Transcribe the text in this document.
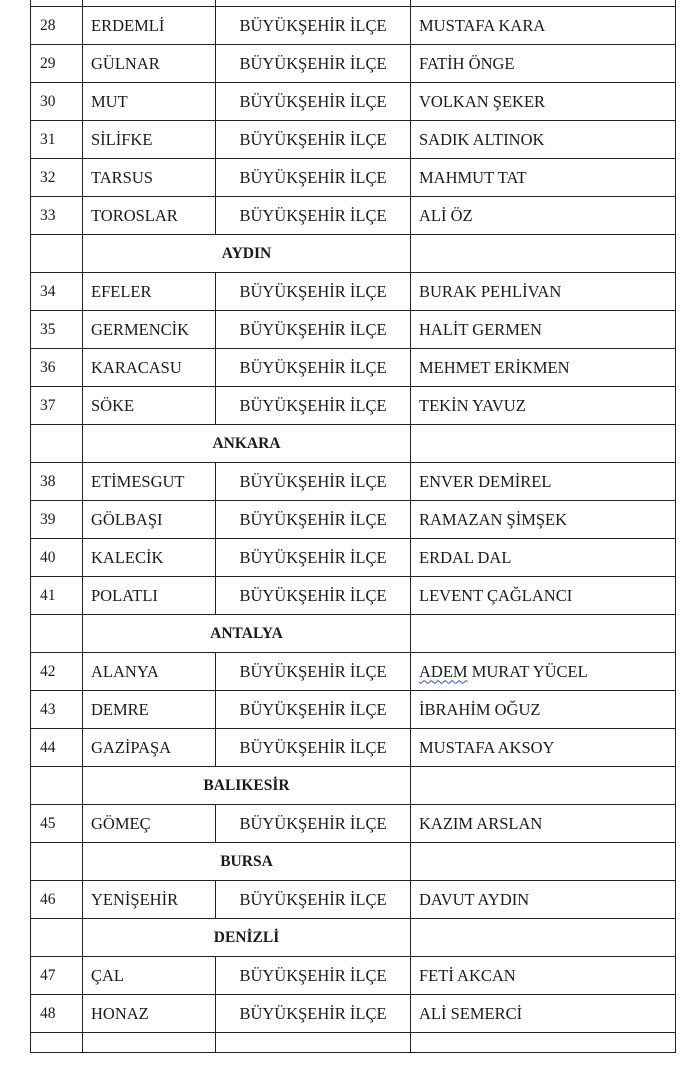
28	ERDEMLİ	BÜYÜKŞEHİR İLÇE	MUSTAFA KARA
29	GÜLNAR	BÜYÜKŞEHİR İLÇE	FATİH ÖNGE
30	MUT	BÜYÜKŞEHİR İLÇE	VOLKAN ŞEKER
31	SİLİFKE	BÜYÜKŞEHİR İLÇE	SADIK ALTINOK
32	TARSUS	BÜYÜKŞEHİR İLÇE	MAHMUT TAT
33	TOROSLAR	BÜYÜKŞEHİR İLÇE	ALİ ÖZ
	AYDIN		
34	EFELER	BÜYÜKŞEHİR İLÇE	BURAK PEHLİVAN
35	GERMENCİK	BÜYÜKŞEHİR İLÇE	HALİT GERMEN
36	KARACASU	BÜYÜKŞEHİR İLÇE	MEHMET ERİKMEN
37	SÖKE	BÜYÜKŞEHİR İLÇE	TEKİN YAVUZ
	ANKARA		
38	ETİMESGUT	BÜYÜKŞEHİR İLÇE	ENVER DEMİREL
39	GÖLBAŞI	BÜYÜKŞEHİR İLÇE	RAMAZAN ŞİMŞEK
40	KALECİK	BÜYÜKŞEHİR İLÇE	ERDAL DAL
41	POLATLI	BÜYÜKŞEHİR İLÇE	LEVENT ÇAĞLANCI
	ANTALYA		
42	ALANYA	BÜYÜKŞEHİR İLÇE	ADEM MURAT YÜCEL
43	DEMRE	BÜYÜKŞEHİR İLÇE	İBRAHİM OĞUZ
44	GAZİPAŞA	BÜYÜKŞEHİR İLÇE	MUSTAFA AKSOY
	BALIKESİR		
45	GÖMEÇ	BÜYÜKŞEHİR İLÇE	KAZIM ARSLAN
	BURSA		
46	YENİŞEHİR	BÜYÜKŞEHİR İLÇE	DAVUT AYDIN
	DENİZLİ		
47	ÇAL	BÜYÜKŞEHİR İLÇE	FETİ AKCAN
48	HONAZ	BÜYÜKŞEHİR İLÇE	ALİ SEMERCİ
